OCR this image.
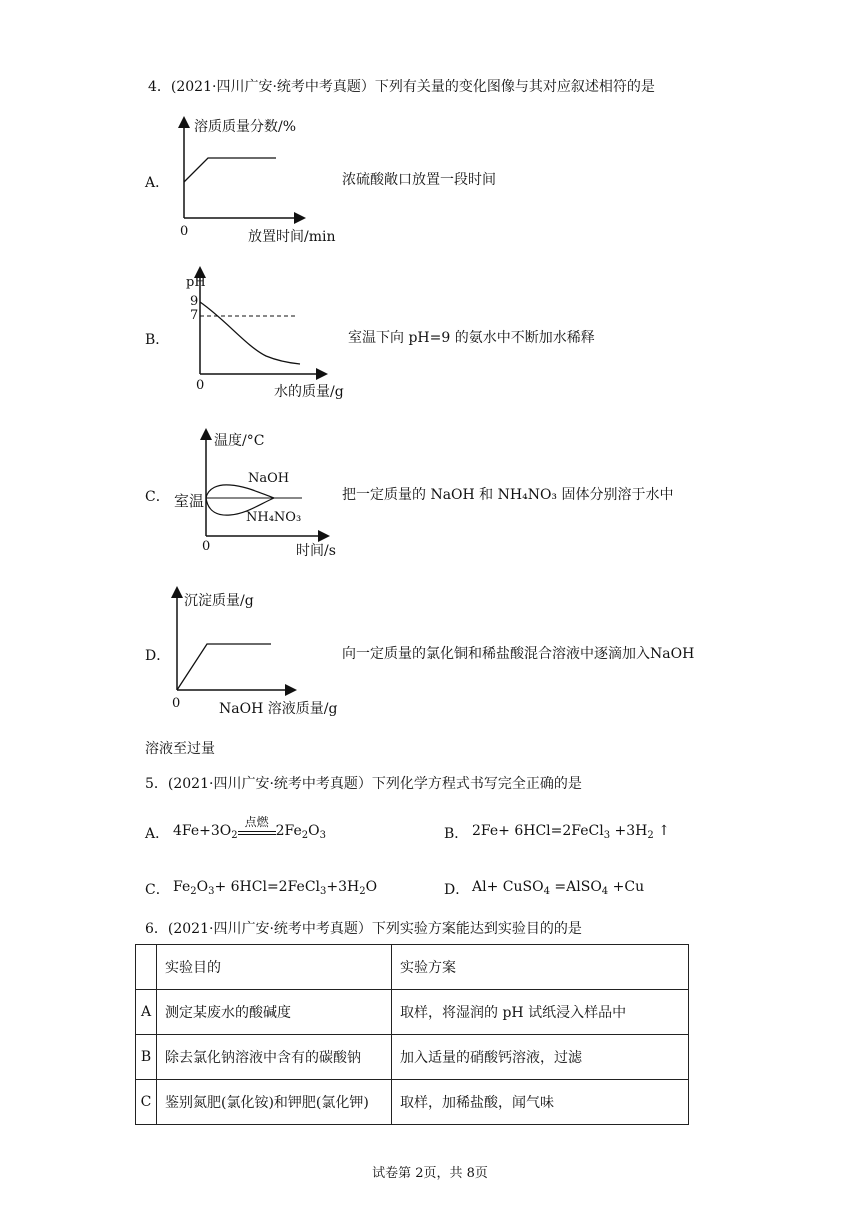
4．(2021·四川广安·统考中考真题）下列有关量的变化图像与其对应叙述相符的是
A．
溶质质量分数/%
0	放置时间/min
浓硫酸敞口放置一段时间
B．
pH
9
7
0	水的质量/g
室温下向 pH=9 的氨水中不断加水稀释
C．
温度/°C
室温
NaOH
NH₄NO₃
0	时间/s
把一定质量的 NaOH 和 NH₄NO₃ 固体分别溶于水中
D．
沉淀质量/g
0	NaOH 溶液质量/g
向一定质量的氯化铜和稀盐酸混合溶液中逐滴加入NaOH
溶液至过量
5．(2021·四川广安·统考中考真题）下列化学方程式书写完全正确的是
A． $4Fe+3O_2$
点燃
$2Fe_2O_3$	B． 2Fe+ 6HCl=2FeCl$_3$ $+3H_2$ ↑
C． $Fe_2O_3+$ $6HCl=2FeCl_3+3H_2O$	D． Al+ CuSO$_4$ =AlSO$_4$ +Cu
6．(2021·四川广安·统考中考真题）下列实验方案能达到实验目的的是
	实验目的	实验方案
A	测定某废水的酸碱度	取样，将湿润的 pH 试纸浸入样品中
B	除去氯化钠溶液中含有的碳酸钠	加入适量的硝酸钙溶液，过滤
C	鉴别氮肥(氯化铵)和钾肥(氯化钾)	取样，加稀盐酸，闻气味
试卷第 2页，共 8页
